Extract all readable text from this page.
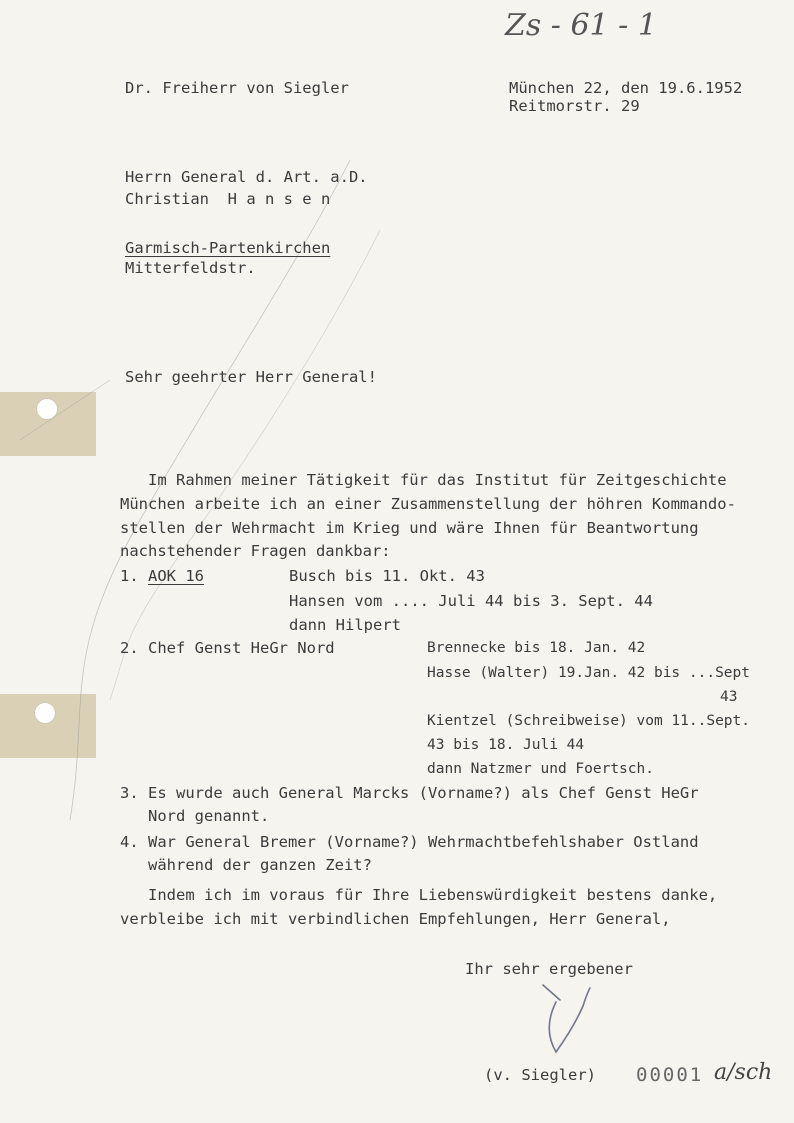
Zs - 61 - 1
Dr. Freiherr von Siegler	München 22, den 19.6.1952
Reitmorstr. 29
Herrn General d. Art. a.D.
Christian  H a n s e n
Garmisch-Partenkirchen
Mitterfeldstr.
Sehr geehrter Herr General!
Im Rahmen meiner Tätigkeit für das Institut für Zeitgeschichte
München arbeite ich an einer Zusammenstellung der höhren Kommando-
stellen der Wehrmacht im Krieg und wäre Ihnen für Beantwortung
nachstehender Fragen dankbar:
1. AOK 16	Busch bis 11. Okt. 43
Hansen vom .... Juli 44 bis 3. Sept. 44
dann Hilpert
2. Chef Genst HeGr Nord	Brennecke bis 18. Jan. 42
Hasse (Walter) 19.Jan. 42 bis ...Sept
43
Kientzel (Schreibweise) vom 11..Sept.
43 bis 18. Juli 44
dann Natzmer und Foertsch.
3. Es wurde auch General Marcks (Vorname?) als Chef Genst HeGr
Nord genannt.
4. War General Bremer (Vorname?) Wehrmachtbefehlshaber Ostland
während der ganzen Zeit?
Indem ich im voraus für Ihre Liebenswürdigkeit bestens danke,
verbleibe ich mit verbindlichen Empfehlungen, Herr General,
Ihr sehr ergebener
(v. Siegler) 00001 a/sch
